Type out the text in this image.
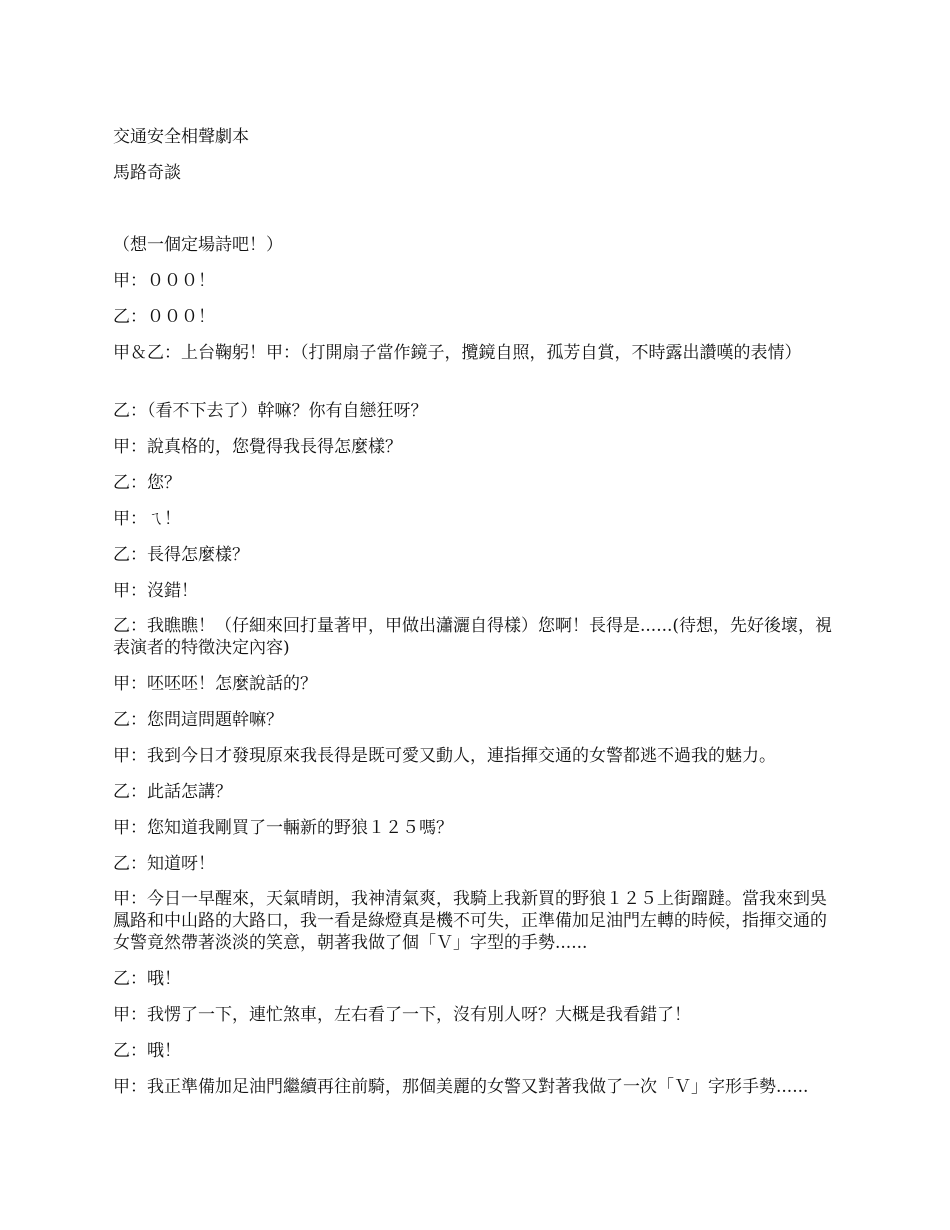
交通安全相聲劇本
馬路奇談
（想一個定場詩吧！）
甲：０００！
乙：０００！
甲＆乙：上台鞠躬！甲：（打開扇子當作鏡子，攬鏡自照，孤芳自賞，不時露出讚嘆的表情）
乙：（看不下去了）幹嘛？你有自戀狂呀？
甲：說真格的，您覺得我長得怎麼樣？
乙：您？
甲：ㄟ！
乙：長得怎麼樣？
甲：沒錯！
乙：我瞧瞧！（仔細來回打量著甲，甲做出瀟灑自得樣）您啊！長得是......(待想，先好後壞，視表演者的特徵決定內容)
甲：呸呸呸！怎麼說話的？
乙：您問這問題幹嘛？
甲：我到今日才發現原來我長得是既可愛又動人，連指揮交通的女警都逃不過我的魅力。
乙：此話怎講？
甲：您知道我剛買了一輛新的野狼１２５嗎？
乙：知道呀！
甲：今日一早醒來，天氣晴朗，我神清氣爽，我騎上我新買的野狼１２５上街蹓躂。當我來到吳鳳路和中山路的大路口，我一看是綠燈真是機不可失，正準備加足油門左轉的時候，指揮交通的女警竟然帶著淡淡的笑意，朝著我做了個「Ｖ」字型的手勢......
乙：哦！
甲：我愣了一下，連忙煞車，左右看了一下，沒有別人呀？大概是我看錯了！
乙：哦！
甲：我正準備加足油門繼續再往前騎，那個美麗的女警又對著我做了一次「Ｖ」字形手勢......
